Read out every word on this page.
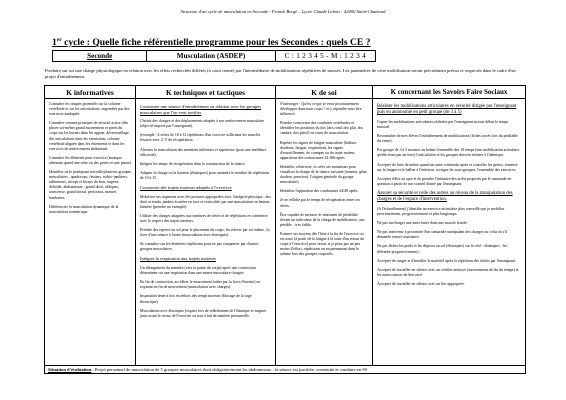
Structure d'un cycle de musculation en Seconde - Franck Bergé – Lycée Claude Lebois - 42400 Saint-Chamond
1er cycle : Quelle fiche référentielle programme pour les Secondes : quels CE ?
Seconde	Musculation (ASDEP)	C : 1 2 3 4 5 - M : 1 2 3 4
Produire sur soi une charge physiologique en relation avec les effets recherchés différés (à court terme) par l'intermédiaire de mobilisations répétitives de masses. Les paramètres de cette mobilisation seront précisément prévus et respectés dans le cadre d'un projet d'entraînement.
K informatives

Connaître les risques potentiels sur la colonne vertébrale et sur les articulations, engendrés par des exercices inadaptés.

Connaître certains principes de sécurité active (des placer soi-même grand mouvement et posés du corps sur les bornes dans les appuis, déverrouillage des articulations dans les extensions, colonne vertébrale alignée dans les étirements et dans les exercices de renforcement abdominal.

Connaître les éléments pour exercice (musique alternant quand une série ou des gestes et une pause)

Identifier où le pratiquant travaille plusieurs groupes musculaires : quadriceps, fessiers, ischio-jambiers, adducteurs, triceps et biceps du bras, trapèze, deltoïde, abdominaux : grand droit, obliques, transverse, grand dorsal, pectoraux, masses lombaires.

Différencier la musculation dynamique de la musculation isométrique.

K techniques et tactiques

Construire une séance d'entraînement en relation avec les groupes musculaires que l'on veut tonifier

Choisir des charges et des déplacements adaptés à son renforcement musculaire (objectif imposé par l'enseignant).

(exemple : 4 séries de 10 à 12 répétitions d'un exercice sollicitant les muscles fessiers avec 2'-3' de récupération.

Alterner la musculation des membres inférieurs et supérieurs (pour une meilleure efficacité).

Intégrer les temps de récupération dans la construction de la séance.

Adapter la charge ou la hauteur (élastiques) pour atteindre le nombre de répétitions de 10 à 15.

Construire des trajets moteurs adaptés à l'exercice

Mobiliser ses segments avec des postures appropriées avec l'intégrité physique : dos droit et tendu, jambes écartées en face et verticalité, par une musculation en lenteur, lumière (prendre un exemple).

Utiliser des charges adaptées aux nombres de séries et de répétitions en cohérence avec le respect des trajets moteurs.

Prendre des repères au sol pour le placement du corps, les relever par soi-même, s'y fixer d'une séance à l'autre (musculation avec élastiques).

Se connaître sur les dernières répétitions pour ne pas compenser par d'autres groupes musculaires.

Intégrer la respiration aux trajets moteurs

Un allongement du membre (vers la partie du corps) après une contraction déterminée sur une respiration dans une masse musculaire chargée.

En fin de contraction, accélérer le mouvement (aider par la force d'inertie) en expirant en fin de mouvement (musculation avec charges).

Inspiration lente à lors en dehors des temps moteurs (blocage de la cage thoracique).

Musculation avec élastiques (expirer lors de relâchement de l'élastique et inspirer juste avant le retour de l'exercice ou tout à fait de manière personnelle.

K de soi

S'interroger : Qu'est ce que je veux prioritairement développer dans mon corps ? et y répondre sous être influencé.

Prendre conscience des conduites vertébrales et identifier les positions du dos (dos rond, dos plat, dos cambré, dos placé) en cours de musculation.

Repérer les signes de fatigue musculaire (brûlure, douleurs, fatigue, respiration), les signes d'essoufflement, de crampes ou du trajet moteur, apparitions des contractures 24-48h après.

Identifier, relativiser, et créer ses sensations pour visualiser la charge de la séance suivante (tension, gêne, douleur, pression), l'origine générale du groupe musculaire).

Identifier l'apparition des courbatures 24/48 après.

Je ne relâche pas le temps de récupération entre ces séries.

Être capable de mesurer le sentiment de pénibilité devant un indicateur de la charge de mobilisation : pas pénible – très faible.

Estimer ses moyens dès l'hôte à la fin de l'exercice ou en cours (à partir de la fatigue à la suite d'un retour du corps à l'exercice) pour savoir si je peux pas un peu moins d'effort, répétitions ou en permanent dans le rythme lors des groupes corporels.

K concernant les Savoirs Faire Sociaux

Réaliser les mobilisations articulaires en sécurité dirigée par l'enseignant puis en autonomie en petit groupe (de 3 à 5)

Copier les mobilisations articulaires réalisées par l'enseignant au tout début le temps musical.

Reconnaître de mes élèves l'enchaînement de mobilisations (fiches tracés lors du préalable du vente).

Par groupe de 3 à 5 montrer au balant l'ensemble des 10 temps (une mobilisation articulaire qu'elle tiens par un tiers) l'articulation et les groupes doivent réaliser à l'identique.

Accepter de faire de même quand un autre a entendu après et contrôler les gestes, remettre sur la longue et le ballon à l'intérieur, corrigez les sous-groupes, l'ensemble des exercices.

Accepter d'être au spot et de prendre l'initiative des arrêts proposés par le camarade en question à partir de son conseil donné par l'enseignant.

Assurer sa sécurité et celle des autres au niveau de la manipulation des charges et de l'espace d'intervention.

(A l'échauffement) j'identifie un exercice articulaire plus conseillé que je mobilise prioritairement, progressivement et plus longtemps.

Ne pas surcharger une autre barre dans une muscle lourde.

Ne pas intervenir à proximité d'un camarade manipulant des charges ou celui où s'il demande encore assistance.

Ne pas lâcher les poids et les déposer au sol (élastiques) sur le côté - élastiques : les défendre progressivement).

Accepter de ranger et d'installer le matériel après la répétition des tâches par l'enseignant.

Accepter de travailler en silence avec un vérifier nettoyer (mouvements de fin du temps) et les autres autour du lien ravé.

Accepter de travailler en silence avec un lire appropriée.

Situation d'évaluation : Projet personnel de musculation de 5 groupes musculaires dont obligatoirement les abdominaux : la séance est justifiée, construite et conduite en S9
